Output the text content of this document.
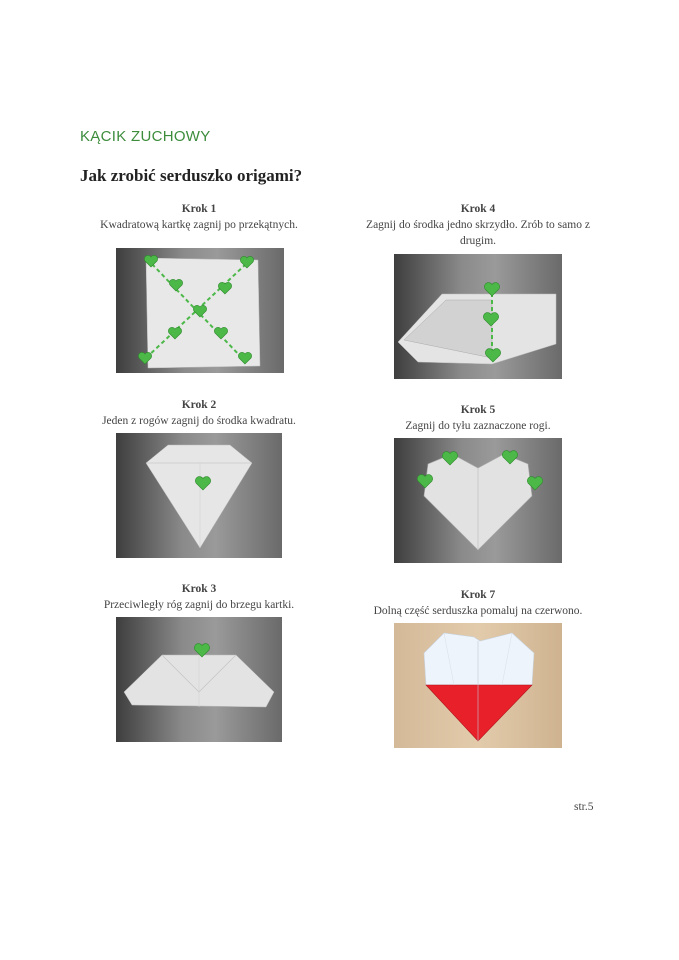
KĄCIK ZUCHOWY
Jak zrobić serduszko origami?
Krok 1
Kwadratową kartkę zagnij po przekątnych.
Krok 2
Jeden z rogów zagnij do środka kwadratu.
Krok 3
Przeciwległy róg zagnij do brzegu kartki.
Krok 4
Zagnij do środka jedno skrzydło. Zrób to samo z drugim.
Krok 5
Zagnij do tyłu zaznaczone rogi.
Krok 7
Dolną część serduszka pomaluj na czerwono.
str.5
